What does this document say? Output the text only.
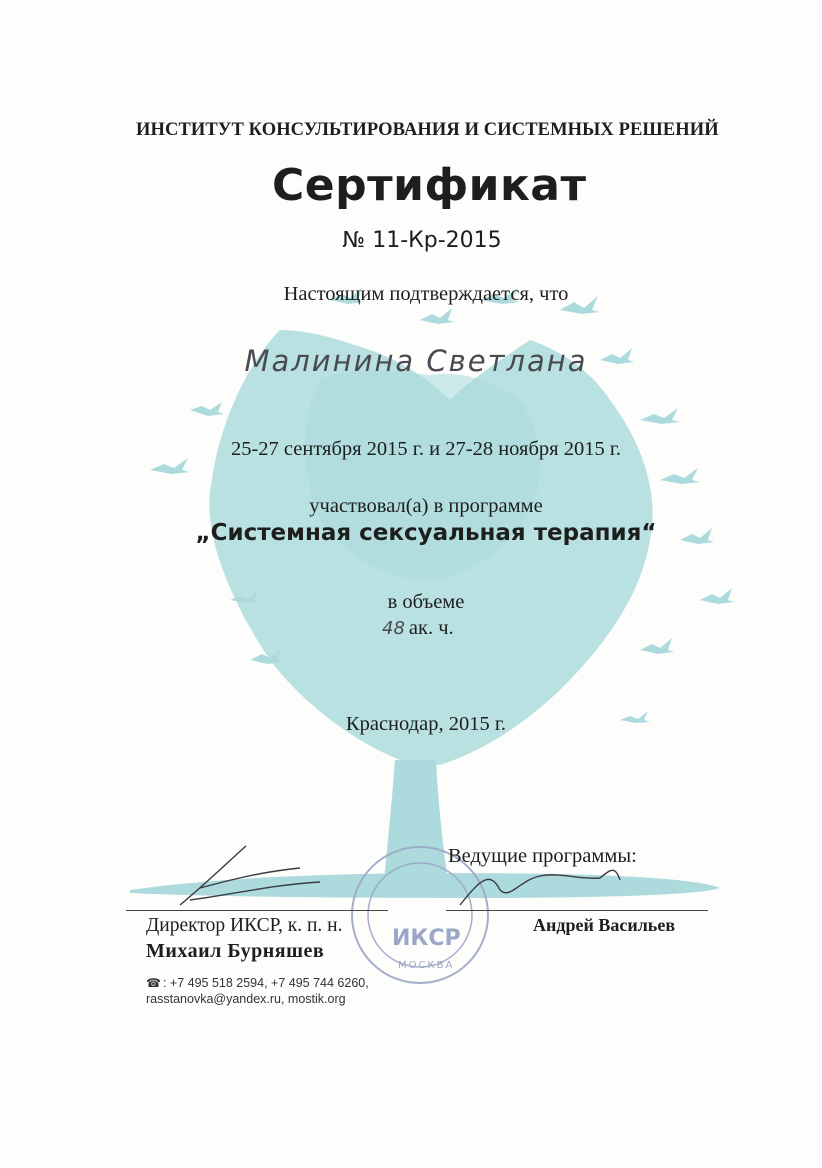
ИНСТИТУТ КОНСУЛЬТИРОВАНИЯ И СИСТЕМНЫХ РЕШЕНИЙ
Сертификат
№ 11-Кр-2015
Настоящим подтверждается, что
Малинина Светлана
25-27 сентября 2015 г. и 27-28 ноября 2015 г.
участвовал(а) в программе
„Системная сексуальная терапия“
в объеме
48 ак. ч.
Краснодар, 2015 г.
Ведущие программы:
Директор ИКСР, к. п. н.
Михаил Бурняшев
Андрей Васильев
ИКСР
МОСКВА
☎ : +7 495 518 2594, +7 495 744 6260,
rasstanovka@yandex.ru, mostik.org
